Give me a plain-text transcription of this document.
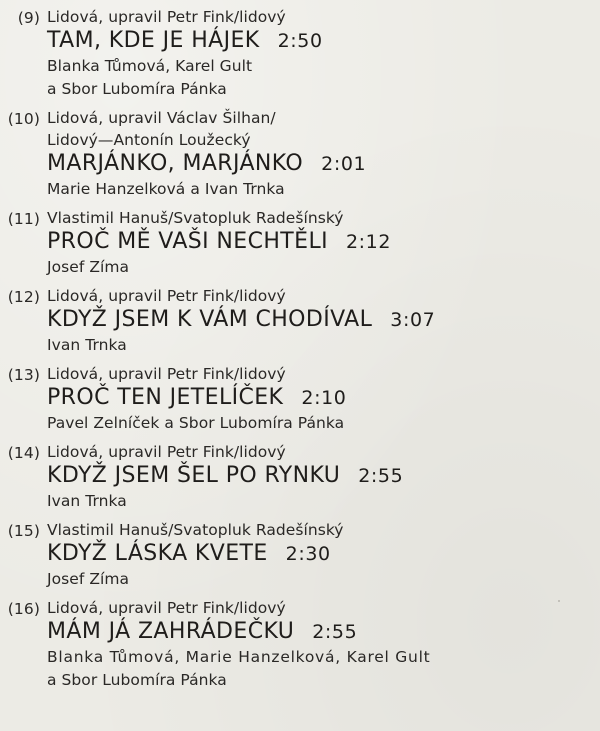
(9) Lidová, upravil Petr Fink/lidový
TAM, KDE JE HÁJEK 2:50
Blanka Tůmová, Karel Gult
a Sbor Lubomíra Pánka
(10) Lidová, upravil Václav Šilhan/
Lidový—Antonín Loužecký
MARJÁNKO, MARJÁNKO 2:01
Marie Hanzelková a Ivan Trnka
(11) Vlastimil Hanuš/Svatopluk Radešínský
PROČ MĚ VAŠI NECHTĚLI 2:12
Josef Zíma
(12) Lidová, upravil Petr Fink/lidový
KDYŽ JSEM K VÁM CHODÍVAL 3:07
Ivan Trnka
(13) Lidová, upravil Petr Fink/lidový
PROČ TEN JETELÍČEK 2:10
Pavel Zelníček a Sbor Lubomíra Pánka
(14) Lidová, upravil Petr Fink/lidový
KDYŽ JSEM ŠEL PO RYNKU 2:55
Ivan Trnka
(15) Vlastimil Hanuš/Svatopluk Radešínský
KDYŽ LÁSKA KVETE 2:30
Josef Zíma
(16) Lidová, upravil Petr Fink/lidový
MÁM JÁ ZAHRÁDEČKU 2:55
Blanka Tůmová, Marie Hanzelková, Karel Gult
a Sbor Lubomíra Pánka
